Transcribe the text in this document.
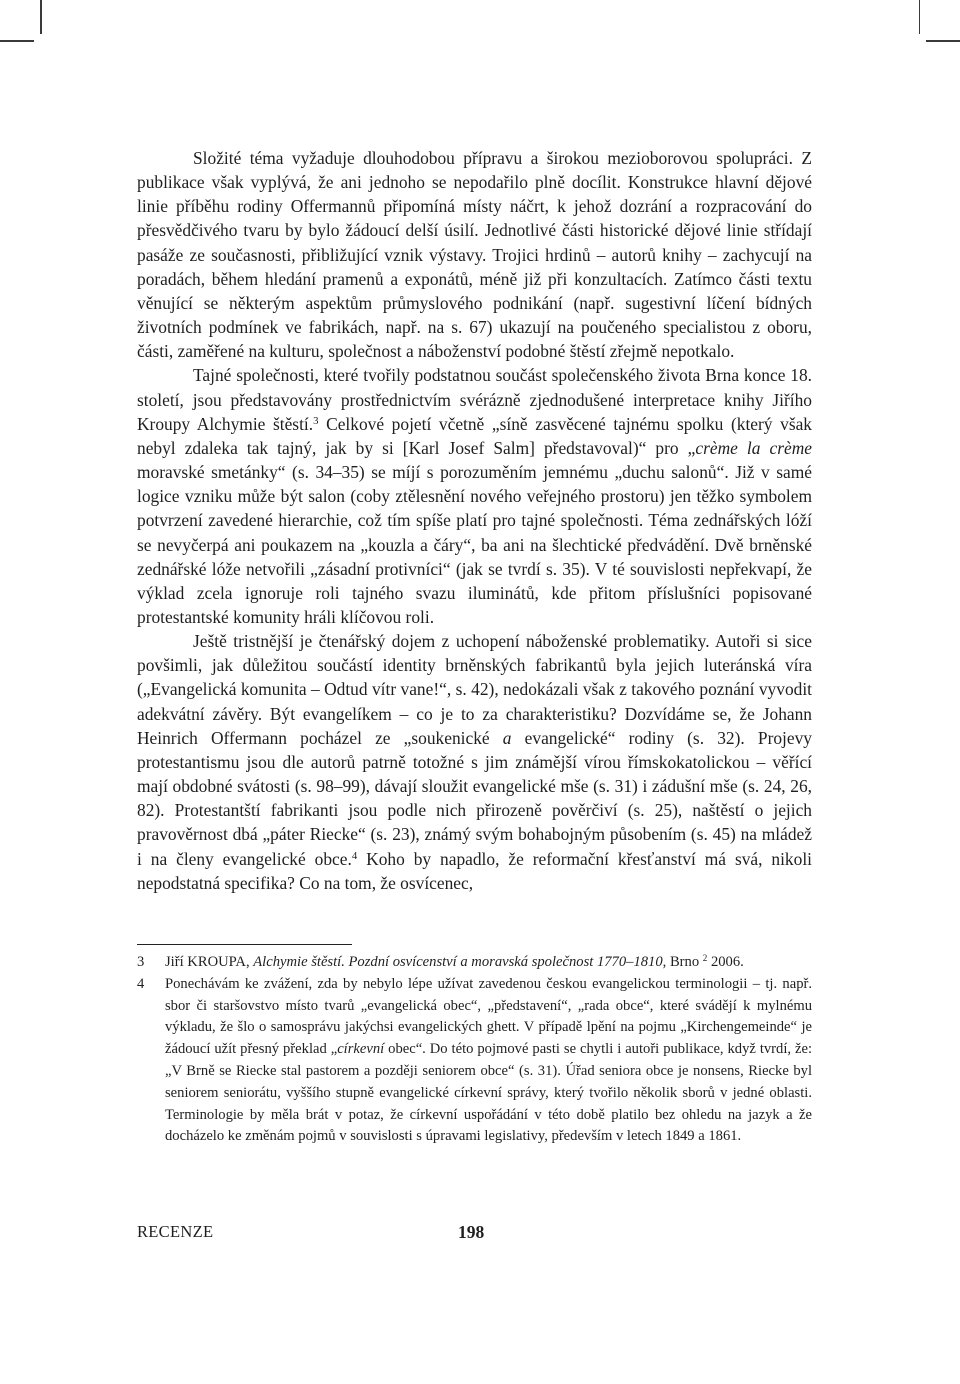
Složité téma vyžaduje dlouhodobou přípravu a širokou mezioborovou spolupráci. Z publikace však vyplývá, že ani jednoho se nepodařilo plně docílit. Konstrukce hlavní dějové linie příběhu rodiny Offermannů připomíná místy náčrt, k jehož dozrání a rozpracování do přesvědčivého tvaru by bylo žádoucí delší úsilí. Jednotlivé části historické dějové linie střídají pasáže ze současnosti, přibližující vznik výstavy. Trojici hrdinů – autorů knihy – zachycují na poradách, během hledání pramenů a exponátů, méně již při konzultacích. Zatímco části textu věnující se některým aspektům průmyslového podnikání (např. sugestivní líčení bídných životních podmínek ve fabrikách, např. na s. 67) ukazují na poučeného specialistou z oboru, části, zaměřené na kulturu, společnost a náboženství podobné štěstí zřejmě nepotkalo.

Tajné společnosti, které tvořily podstatnou součást společenského života Brna konce 18. století, jsou představovány prostřednictvím svérázně zjednodušené interpretace knihy Jiřího Kroupy Alchymie štěstí.$^3$ Celkové pojetí včetně „síně zasvěcené tajnému spolku (který však nebyl zdaleka tak tajný, jak by si [Karl Josef Salm] představoval)“ pro „crème la crème moravské smetánky“ (s. 34–35) se míjí s porozuměním jemnému „duchu salonů“. Již v samé logice vzniku může být salon (coby ztělesnění nového veřejného prostoru) jen těžko symbolem potvrzení zavedené hierarchie, což tím spíše platí pro tajné společnosti. Téma zednářských lóží se nevyčerpá ani poukazem na „kouzla a čáry“, ba ani na šlechtické předvádění. Dvě brněnské zednářské lóže netvořili „zásadní protivníci“ (jak se tvrdí s. 35). V té souvislosti nepřekvapí, že výklad zcela ignoruje roli tajného svazu iluminátů, kde přitom příslušníci popisované protestantské komunity hráli klíčovou roli.

Ještě tristnější je čtenářský dojem z uchopení náboženské problematiky. Autoři si sice povšimli, jak důležitou součástí identity brněnských fabrikantů byla jejich luteránská víra („Evangelická komunita – Odtud vítr vane!“, s. 42), nedokázali však z takového poznání vyvodit adekvátní závěry. Být evangelíkem – co je to za charakteristiku? Dozvídáme se, že Johann Heinrich Offermann pocházel ze „soukenické a evangelické“ rodiny (s. 32). Projevy protestantismu jsou dle autorů patrně totožné s jim známější vírou římskokatolickou – věřící mají obdobné svátosti (s. 98–99), dávají sloužit evangelické mše (s. 31) i zádušní mše (s. 24, 26, 82). Protestantští fabrikanti jsou podle nich přirozeně pověrčiví (s. 25), naštěstí o jejich pravověrnost dbá „páter Riecke“ (s. 23), známý svým bohabojným působením (s. 45) na mládež i na členy evangelické obce.$^4$ Koho by napadlo, že reformační křesťanství má svá, nikoli nepodstatná specifika? Co na tom, že osvícenec,

3	Jiří KROUPA, Alchymie štěstí. Pozdní osvícenství a moravská společnost 1770–1810, Brno $^2$ 2006.
4	Ponechávám ke zvážení, zda by nebylo lépe užívat zavedenou českou evangelickou terminologii – tj. např. sbor či staršovstvo místo tvarů „evangelická obec“, „představení“, „rada obce“, které svádějí k mylnému výkladu, že šlo o samosprávu jakýchsi evangelických ghett. V případě lpění na pojmu „Kirchengemeinde“ je žádoucí užít přesný překlad „církevní obec“. Do této pojmové pasti se chytli i autoři publikace, když tvrdí, že: „V Brně se Riecke stal pastorem a později seniorem obce“ (s. 31). Úřad seniora obce je nonsens, Riecke byl seniorem seniorátu, vyššího stupně evangelické církevní správy, který tvořilo několik sborů v jedné oblasti. Terminologie by měla brát v potaz, že církevní uspořádání v této době platilo bez ohledu na jazyk a že docházelo ke změnám pojmů v souvislosti s úpravami legislativy, především v letech 1849 a 1861.
RECENZE	198
